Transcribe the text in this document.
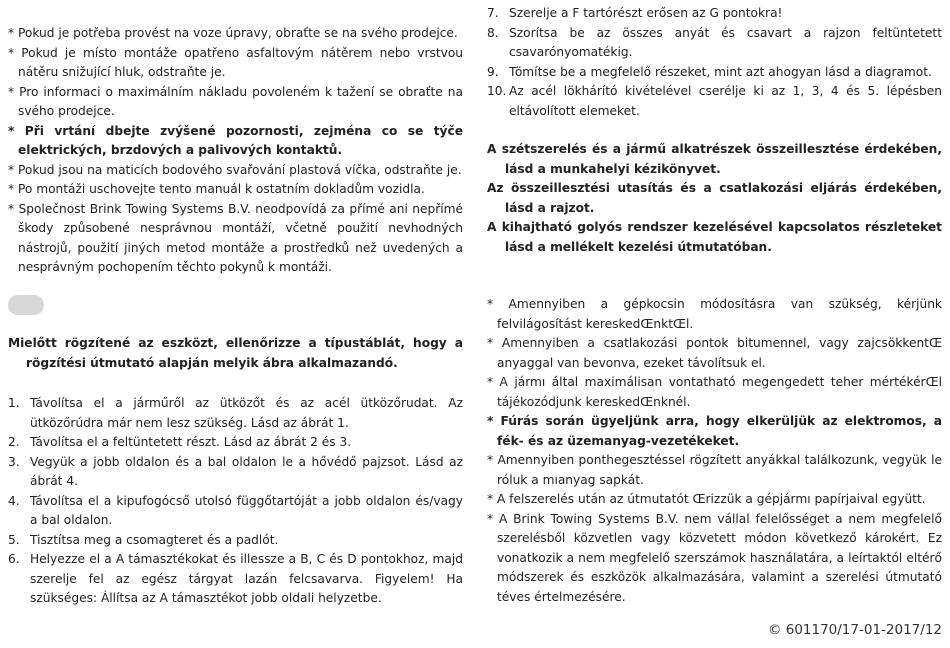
* Pokud je potřeba provést na voze úpravy, obraťte se na svého prodejce.

* Pokud je místo montáže opatřeno asfaltovým nátěrem nebo vrstvou nátěru snižující hluk, odstraňte je.

* Pro informaci o maximálním nákladu povoleném k tažení se obraťte na svého prodejce.

* Při vrtání dbejte zvýšené pozornosti, zejména co se týče elektrických, brzdových a palivových kontaktů.

* Pokud jsou na maticích bodového svařování plastová víčka, odstraňte je.

* Po montáži uschovejte tento manuál k ostatním dokladům vozidla.

* Společnost Brink Towing Systems B.V. neodpovídá za přímé ani nepřímé škody způsobené nesprávnou montáží, včetně použití nevhodných nástrojů, použití jiných metod montáže a prostředků než uvedených a nesprávným pochopením těchto pokynů k montáži.

Mielőtt rögzítené az eszközt, ellenőrizze a típustáblát, hogy a rögzítési útmutató alapján melyik ábra alkalmazandó.

1. Távolítsa el a járműről az ütközőt és az acél ütközőrudat. Az ütközőrúdra már nem lesz szükség. Lásd az ábrát 1.
2. Távolítsa el a feltüntetett részt. Lásd az ábrát 2 és 3.
3. Vegyük a jobb oldalon és a bal oldalon le a hővédő pajzsot. Lásd az ábrát 4.
4. Távolítsa el a kipufogócső utolsó függőtartóját a jobb oldalon és/vagy a bal oldalon.
5. Tisztítsa meg a csomagteret és a padlót.
6. Helyezze el a A támasztékokat és illessze a B, C és D pontokhoz, majd szerelje fel az egész tárgyat lazán felcsavarva. Figyelem! Ha szükséges: Állítsa az A támasztékot jobb oldali helyzetbe.
7. Szerelje a F tartórészt erősen az G pontokra!
8. Szorítsa be az összes anyát és csavart a rajzon feltüntetett csavarónyomatékig.
9. Tömítse be a megfelelő részeket, mint azt ahogyan lásd a diagramot.
10. Az acél lökhárító kivételével cserélje ki az 1, 3, 4 és 5. lépésben eltávolított elemeket.

A szétszerelés és a jármű alkatrészek összeillesztése érdekében, lásd a munkahelyi kézikönyvet.

Az összeillesztési utasítás és a csatlakozási eljárás érdekében, lásd a rajzot.

A kihajtható golyós rendszer kezelésével kapcsolatos részleteket lásd a mellékelt kezelési útmutatóban.

* Amennyiben a gépkocsin módosításra van szükség, kérjünk felvilágosítást kereskedŒnktŒl.

* Amennyiben a csatlakozási pontok bitumennel, vagy zajcsökkentŒ anyaggal van bevonva, ezeket távolítsuk el.

* A jármı által maximálisan vontatható megengedett teher mértékérŒl tájékozódjunk kereskedŒnknél.

* Fúrás során ügyeljünk arra, hogy elkerüljük az elektromos, a fék- és az üzemanyag-vezetékeket.

* Amennyiben ponthegesztéssel rögzített anyákkal találkozunk, vegyük le róluk a mıanyag sapkát.

* A felszerelés után az útmutatót Œrizzük a gépjármı papírjaival együtt.

* A Brink Towing Systems B.V. nem vállal felelősséget a nem megfelelő szerelésből közvetlen vagy közvetett módon következő károkért. Ez vonatkozik a nem megfelelő szerszámok használatára, a leírtaktól eltérő módszerek és eszközök alkalmazására, valamint a szerelési útmutató téves értelmezésére.

© 601170/17-01-2017/12
